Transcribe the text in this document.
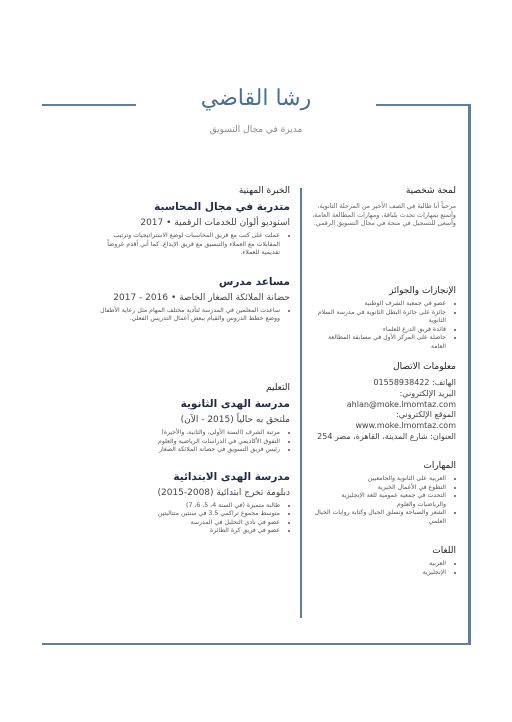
رشا القاضي
مديرة في مجال التسويق
لمحة شخصية
مرحباً أنا طالبة في الصف الأخير من المرحلة الثانوية، وأتمتع بمهارات تحدث بلباقة، ومهارات المطالعة العامة، وأسعى للتسجيل في منحة في مجال التسويق الرقمي.
الإنجازات والجوائز
• عضو في جمعية الشرف الوطنية
• جائزة على جائزة البطل الثانوية في مدرسة السلام الثانوية
• قائدة فريق الدرع للعلماء
• حاصلة على المركز الأول في مسابقة المطالعة العامة
معلومات الاتصال
الهاتف: 01558938422
البريد الإلكتروني:
ahlan@moke.lmomtaz.com
الموقع الإلكتروني:
www.moke.lmomtaz.com
العنوان: شارع المدينة، القاهرة، مصر 254
المهارات
• العربية على الثانوية والجامعيين
• التطوع في الأعمال الخيرية
• التحدث في جمعية عمومية للغة الإنجليزية والرياضيات والعلوم
• الشعر والسباحة وتسلق الجبال وكتابة روايات الخيال العلمي
اللغات
• العربية
• الإنجليزية
الخبرة المهنية
متدربة في مجال المحاسبة
استوديو ألوان للخدمات الرقمية • 2017
• عملت على كتب مع فريق المحاسبات لوضع الاستراتيجيات وترتيب المقابلات مع العملاء والتنسيق مع فريق الإبداع. كما أني أقدم عروضاً تقديمية للعملاء.
مساعد مدرس
حضانة الملائكة الصغار الخاصة • 2016 - 2017
• ساعدت المعلمين في المدرسة لتأدية مختلف المهام مثل رعاية الأطفال ووضع خطط الدروس والقيام ببعض أعمال التدريس الفعلي.
التعليم
مدرسة الهدى الثانوية
ملتحق به حالياً (2015 - الآن)
• مرتبة الشرف (السنة الأولى، والثانية، والأخيرة)
• التفوق الأكاديمي في الدراسات الرياضية والعلوم
• رئيس فريق التسويق في حصانة الملائكة الصغار
مدرسة الهدى الابتدائية
دبلومة تخرج ابتدائية (2008-2015)
• طالبة متميزة (في السنة 4، 5، 6، 7)
• متوسط مجموع تراكمي 3.5 في سنتين متتاليتين
• عضو في نادي التحليل في المدرسة
• عضو في فريق كرة الطائرة
